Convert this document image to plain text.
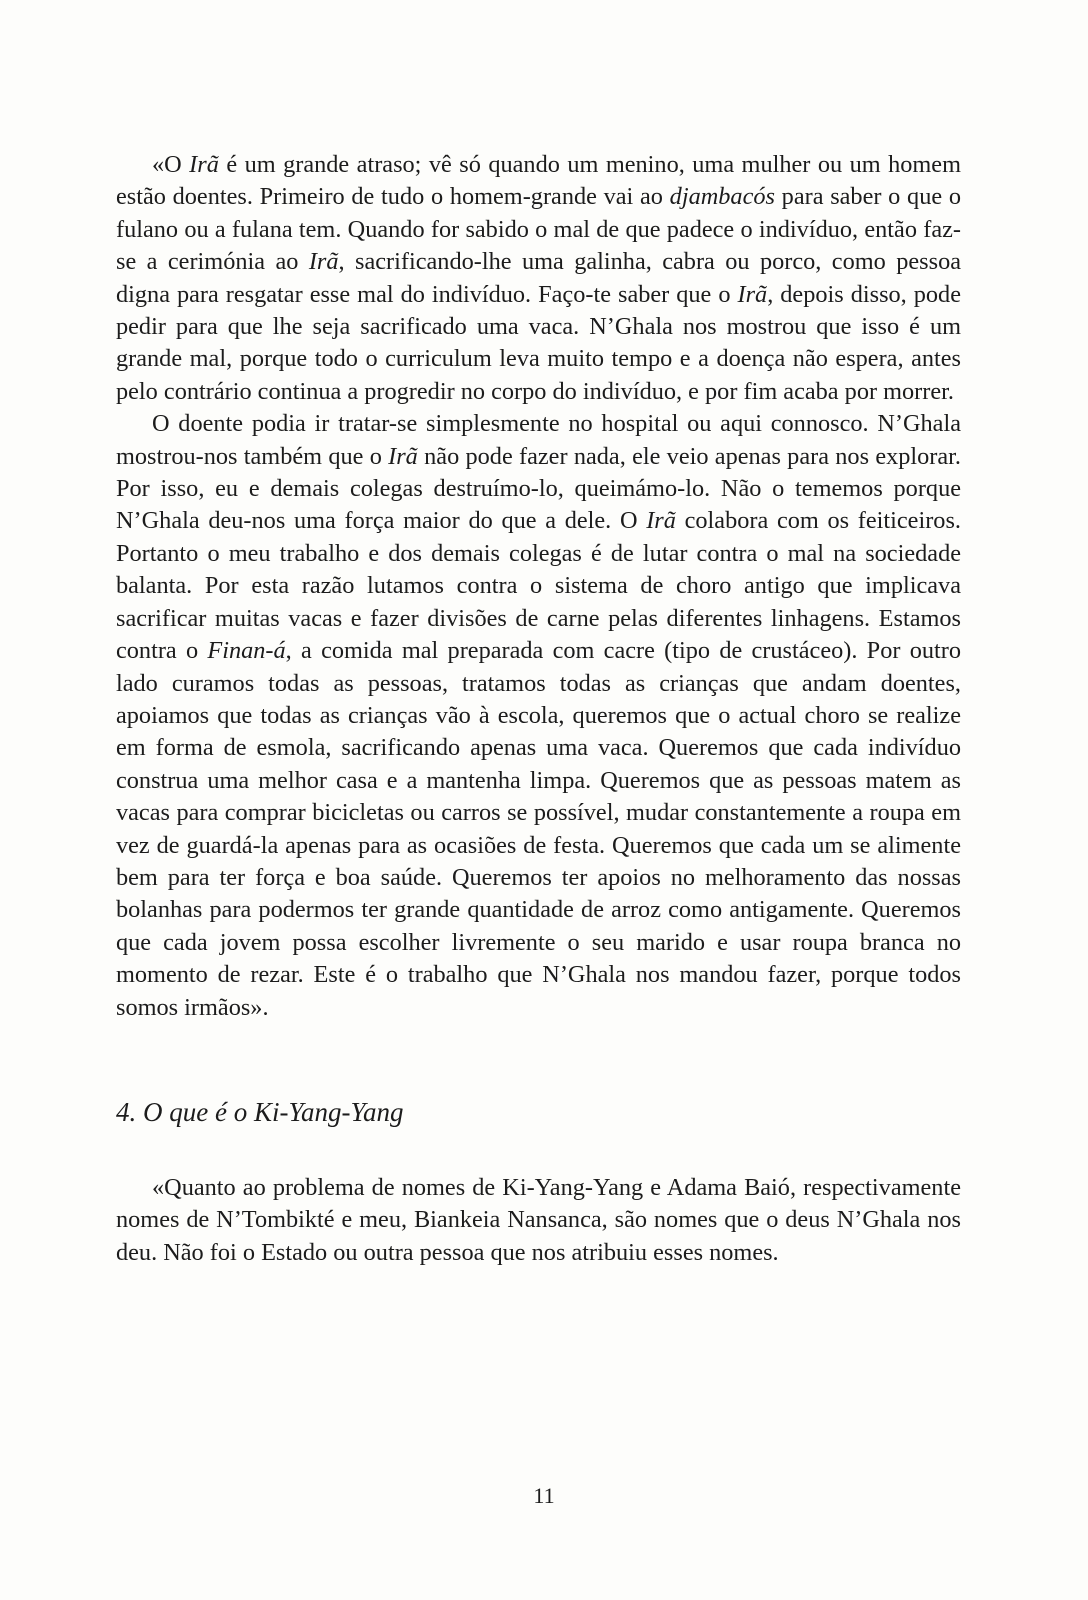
«O Irã é um grande atraso; vê só quando um menino, uma mulher ou um homem estão doentes. Primeiro de tudo o homem-grande vai ao djambacós para saber o que o fulano ou a fulana tem. Quando for sabido o mal de que padece o indivíduo, então faz-se a cerimónia ao Irã, sacrificando-lhe uma galinha, cabra ou porco, como pessoa digna para resgatar esse mal do indivíduo. Faço-te saber que o Irã, depois disso, pode pedir para que lhe seja sacrificado uma vaca. N’Ghala nos mostrou que isso é um grande mal, porque todo o curriculum leva muito tempo e a doença não espera, antes pelo contrário continua a progredir no corpo do indivíduo, e por fim acaba por morrer.

O doente podia ir tratar-se simplesmente no hospital ou aqui connosco. N’Ghala mostrou-nos também que o Irã não pode fazer nada, ele veio apenas para nos explorar. Por isso, eu e demais colegas destruímo-lo, queimámo-lo. Não o tememos porque N’Ghala deu-nos uma força maior do que a dele. O Irã colabora com os feiticeiros. Portanto o meu trabalho e dos demais colegas é de lutar contra o mal na sociedade balanta. Por esta razão lutamos contra o sistema de choro antigo que implicava sacrificar muitas vacas e fazer divisões de carne pelas diferentes linhagens. Estamos contra o Finan-á, a comida mal preparada com cacre (tipo de crustáceo). Por outro lado curamos todas as pessoas, tratamos todas as crianças que andam doentes, apoiamos que todas as crianças vão à escola, queremos que o actual choro se realize em forma de esmola, sacrificando apenas uma vaca. Queremos que cada indivíduo construa uma melhor casa e a mantenha limpa. Queremos que as pessoas matem as vacas para comprar bicicletas ou carros se possível, mudar constantemente a roupa em vez de guardá-la apenas para as ocasiões de festa. Queremos que cada um se alimente bem para ter força e boa saúde. Queremos ter apoios no melhoramento das nossas bolanhas para podermos ter grande quantidade de arroz como antigamente. Queremos que cada jovem possa escolher livremente o seu marido e usar roupa branca no momento de rezar. Este é o trabalho que N’Ghala nos mandou fazer, porque todos somos irmãos».

4. O que é o Ki-Yang-Yang

«Quanto ao problema de nomes de Ki-Yang-Yang e Adama Baió, respectivamente nomes de N’Tombikté e meu, Biankeia Nansanca, são nomes que o deus N’Ghala nos deu. Não foi o Estado ou outra pessoa que nos atribuiu esses nomes.

11
